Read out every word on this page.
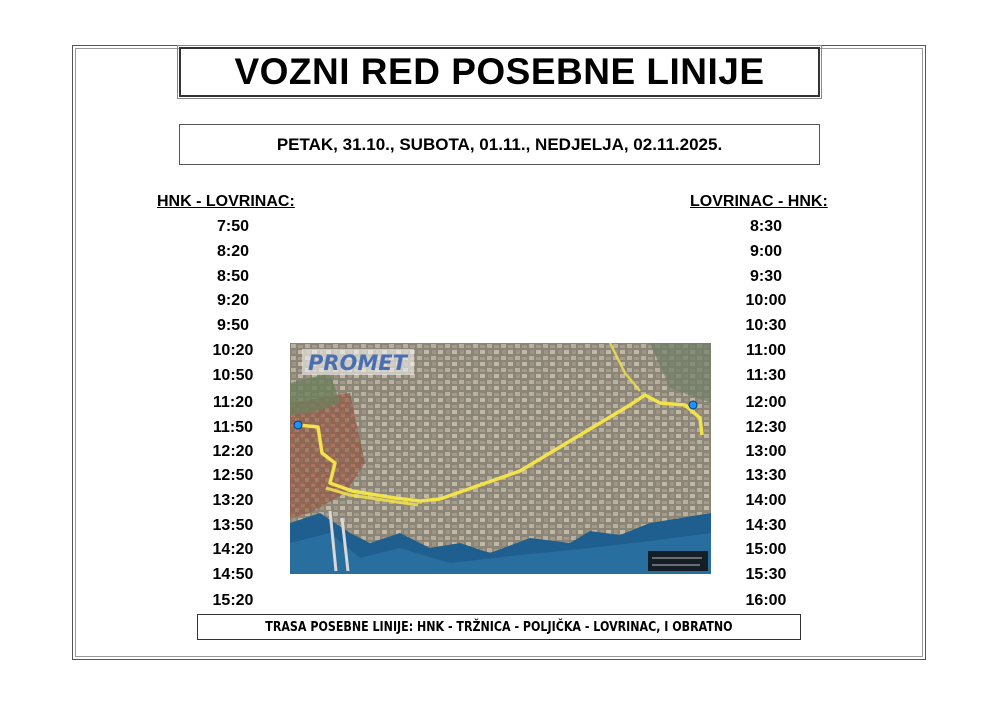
VOZNI RED POSEBNE LINIJE
PETAK, 31.10., SUBOTA, 01.11., NEDJELJA, 02.11.2025.
HNK - LOVRINAC:	LOVRINAC - HNK:
7:50
8:20
8:50
9:20
9:50
10:20
10:50
11:20
11:50
12:20
12:50
13:20
13:50
14:20
14:50
15:20
8:30
9:00
9:30
10:00
10:30
11:00
11:30
12:00
12:30
13:00
13:30
14:00
14:30
15:00
15:30
16:00
PROMET
TRASA POSEBNE LINIJE: HNK - TRŽNICA - POLJIČKA - LOVRINAC, I OBRATNO
